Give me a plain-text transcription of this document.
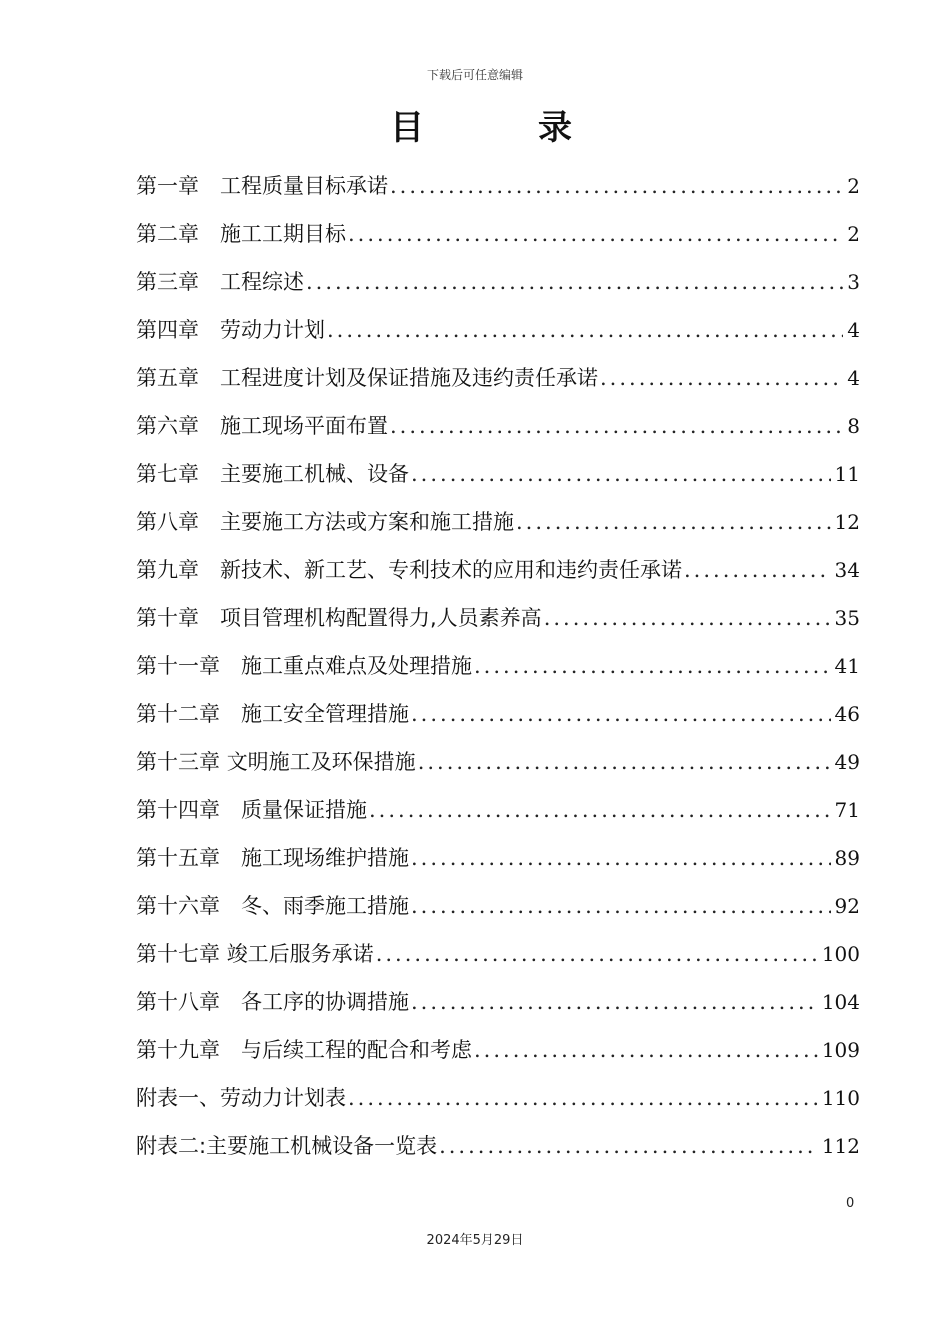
下载后可任意编辑
目　录
第一章　 工程质量目标承诺 .....	2
第二章　 施工工期目标 .....	2
第三章　 工程综述 .....	3
第四章　 劳动力计划 .....	4
第五章　 工程进度计划及保证措施及违约责任承诺 .....	4
第六章　 施工现场平面布置 .....	8
第七章　 主要施工机械、设备 .....	11
第八章　 主要施工方法或方案和施工措施 .....	12
第九章　 新技术、新工艺、专利技术的应用和违约责任承诺 .....	34
第十章　 项目管理机构配置得力,人员素养高 .....	35
第十一章　 施工重点难点及处理措施 .....	41
第十二章　 施工安全管理措施 .....	46
第十三章 文明施工及环保措施 .....	49
第十四章　 质量保证措施 .....	71
第十五章　 施工现场维护措施 .....	89
第十六章　 冬、雨季施工措施 .....	92
第十七章 竣工后服务承诺 .....	100
第十八章　 各工序的协调措施 .....	104
第十九章　 与后续工程的配合和考虑 .....	109
附表一、劳动力计划表 .....	110
附表二:主要施工机械设备一览表 .....	112
0
2024年5月29日
